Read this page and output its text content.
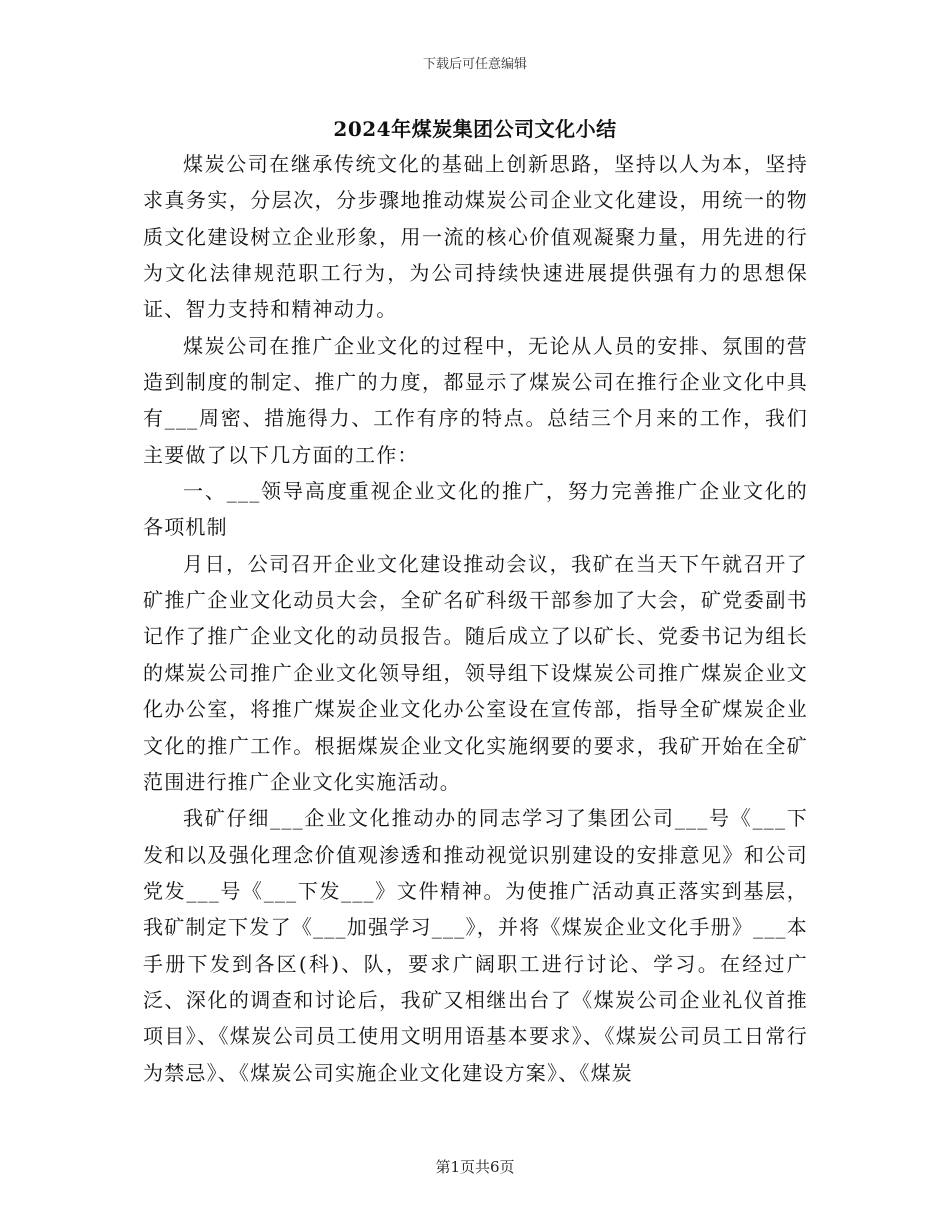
下载后可任意编辑
2024年煤炭集团公司文化小结

煤炭公司在继承传统文化的基础上创新思路，坚持以人为本，坚持求真务实，分层次，分步骤地推动煤炭公司企业文化建设，用统一的物质文化建设树立企业形象，用一流的核心价值观凝聚力量，用先进的行为文化法律规范职工行为，为公司持续快速进展提供强有力的思想保证、智力支持和精神动力。

煤炭公司在推广企业文化的过程中，无论从人员的安排、氛围的营造到制度的制定、推广的力度，都显示了煤炭公司在推行企业文化中具有___周密、措施得力、工作有序的特点。总结三个月来的工作，我们主要做了以下几方面的工作：

一、___领导高度重视企业文化的推广，努力完善推广企业文化的各项机制

月日，公司召开企业文化建设推动会议，我矿在当天下午就召开了矿推广企业文化动员大会，全矿名矿科级干部参加了大会，矿党委副书记作了推广企业文化的动员报告。随后成立了以矿长、党委书记为组长的煤炭公司推广企业文化领导组，领导组下设煤炭公司推广煤炭企业文化办公室，将推广煤炭企业文化办公室设在宣传部，指导全矿煤炭企业文化的推广工作。根据煤炭企业文化实施纲要的要求，我矿开始在全矿范围进行推广企业文化实施活动。

我矿仔细___企业文化推动办的同志学习了集团公司___号《___下发和以及强化理念价值观渗透和推动视觉识别建设的安排意见》和公司党发___号《___下发___》文件精神。为使推广活动真正落实到基层，我矿制定下发了《___加强学习___》，并将《煤炭企业文化手册》___本手册下发到各区(科)、队，要求广阔职工进行讨论、学习。在经过广泛、深化的调查和讨论后，我矿又相继出台了《煤炭公司企业礼仪首推项目》、《煤炭公司员工使用文明用语基本要求》、《煤炭公司员工日常行为禁忌》、《煤炭公司实施企业文化建设方案》、《煤炭

第1页共6页
